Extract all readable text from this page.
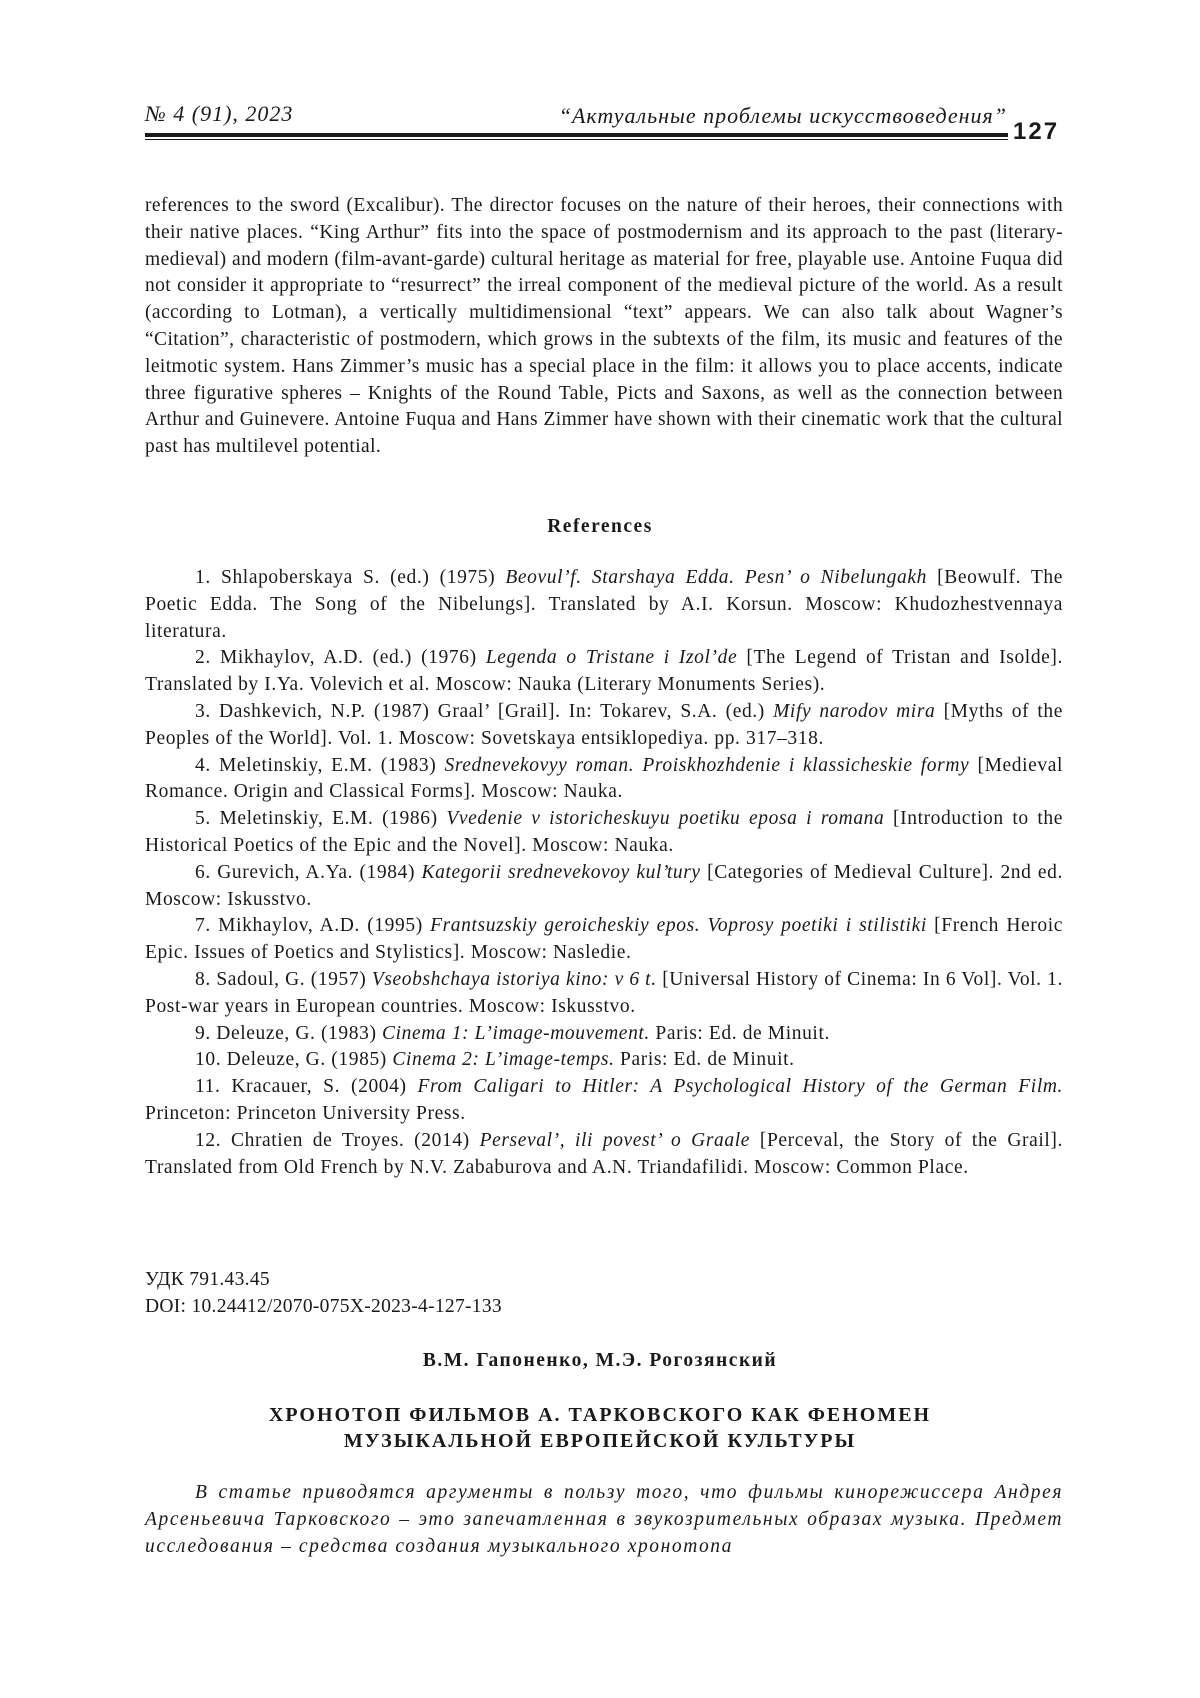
№ 4 (91), 2023	“Актуальные проблемы искусствоведения”
127

references to the sword (Excalibur). The director focuses on the nature of their heroes, their connections with their native places. “King Arthur” fits into the space of postmodernism and its approach to the past (literary-medieval) and modern (film-avant-garde) cultural heritage as material for free, playable use. Antoine Fuqua did not consider it appropriate to “resurrect” the irreal component of the medieval picture of the world. As a result (according to Lotman), a vertically multidimensional “text” appears. We can also talk about Wagner’s “Citation”, characteristic of postmodern, which grows in the subtexts of the film, its music and features of the leitmotic system. Hans Zimmer’s music has a special place in the film: it allows you to place accents, indicate three figurative spheres – Knights of the Round Table, Picts and Saxons, as well as the connection between Arthur and Guinevere. Antoine Fuqua and Hans Zimmer have shown with their cinematic work that the cultural past has multilevel potential.

References

1. Shlapoberskaya S. (ed.) (1975) Beovul’f. Starshaya Edda. Pesn’ o Nibelungakh [Beowulf. The Poetic Edda. The Song of the Nibelungs]. Translated by A.I. Korsun. Moscow: Khudozhestvennaya literatura.

2. Mikhaylov, A.D. (ed.) (1976) Legenda o Tristane i Izol’de [The Legend of Tristan and Isolde]. Translated by I.Ya. Volevich et al. Moscow: Nauka (Literary Monuments Series).

3. Dashkevich, N.P. (1987) Graal’ [Grail]. In: Tokarev, S.A. (ed.) Mify narodov mira [Myths of the Peoples of the World]. Vol. 1. Moscow: Sovetskaya entsiklopediya. pp. 317–318.

4. Meletinskiy, E.M. (1983) Srednevekovyy roman. Proiskhozhdenie i klassicheskie formy [Medieval Romance. Origin and Classical Forms]. Moscow: Nauka.

5. Meletinskiy, E.M. (1986) Vvedenie v istoricheskuyu poetiku eposa i romana [Introduction to the Historical Poetics of the Epic and the Novel]. Moscow: Nauka.

6. Gurevich, A.Ya. (1984) Kategorii srednevekovoy kul’tury [Categories of Medieval Culture]. 2nd ed. Moscow: Iskusstvo.

7. Mikhaylov, A.D. (1995) Frantsuzskiy geroicheskiy epos. Voprosy poetiki i stilistiki [French Heroic Epic. Issues of Poetics and Stylistics]. Moscow: Nasledie.

8. Sadoul, G. (1957) Vseobshchaya istoriya kino: v 6 t. [Universal History of Cinema: In 6 Vol]. Vol. 1. Post-war years in European countries. Moscow: Iskusstvo.

9. Deleuze, G. (1983) Cinema 1: L’image-mouvement. Paris: Ed. de Minuit.

10. Deleuze, G. (1985) Cinema 2: L’image-temps. Paris: Ed. de Minuit.

11. Kracauer, S. (2004) From Caligari to Hitler: A Psychological History of the German Film. Princeton: Princeton University Press.

12. Chratien de Troyes. (2014) Perseval’, ili povest’ o Graale [Perceval, the Story of the Grail]. Translated from Old French by N.V. Zababurova and A.N. Triandafilidi. Moscow: Common Place.

УДК 791.43.45
DOI: 10.24412/2070-075X-2023-4-127-133
В.М. Гапоненко, М.Э. Рогозянский
ХРОНОТОП ФИЛЬМОВ А. ТАРКОВСКОГО КАК ФЕНОМЕН
МУЗЫКАЛЬНОЙ ЕВРОПЕЙСКОЙ КУЛЬТУРЫ

В статье приводятся аргументы в пользу того, что фильмы кинорежиссера Андрея Арсеньевича Тарковского – это запечатленная в звукозрительных образах музыка. Предмет исследования – средства создания музыкального хронотопа
